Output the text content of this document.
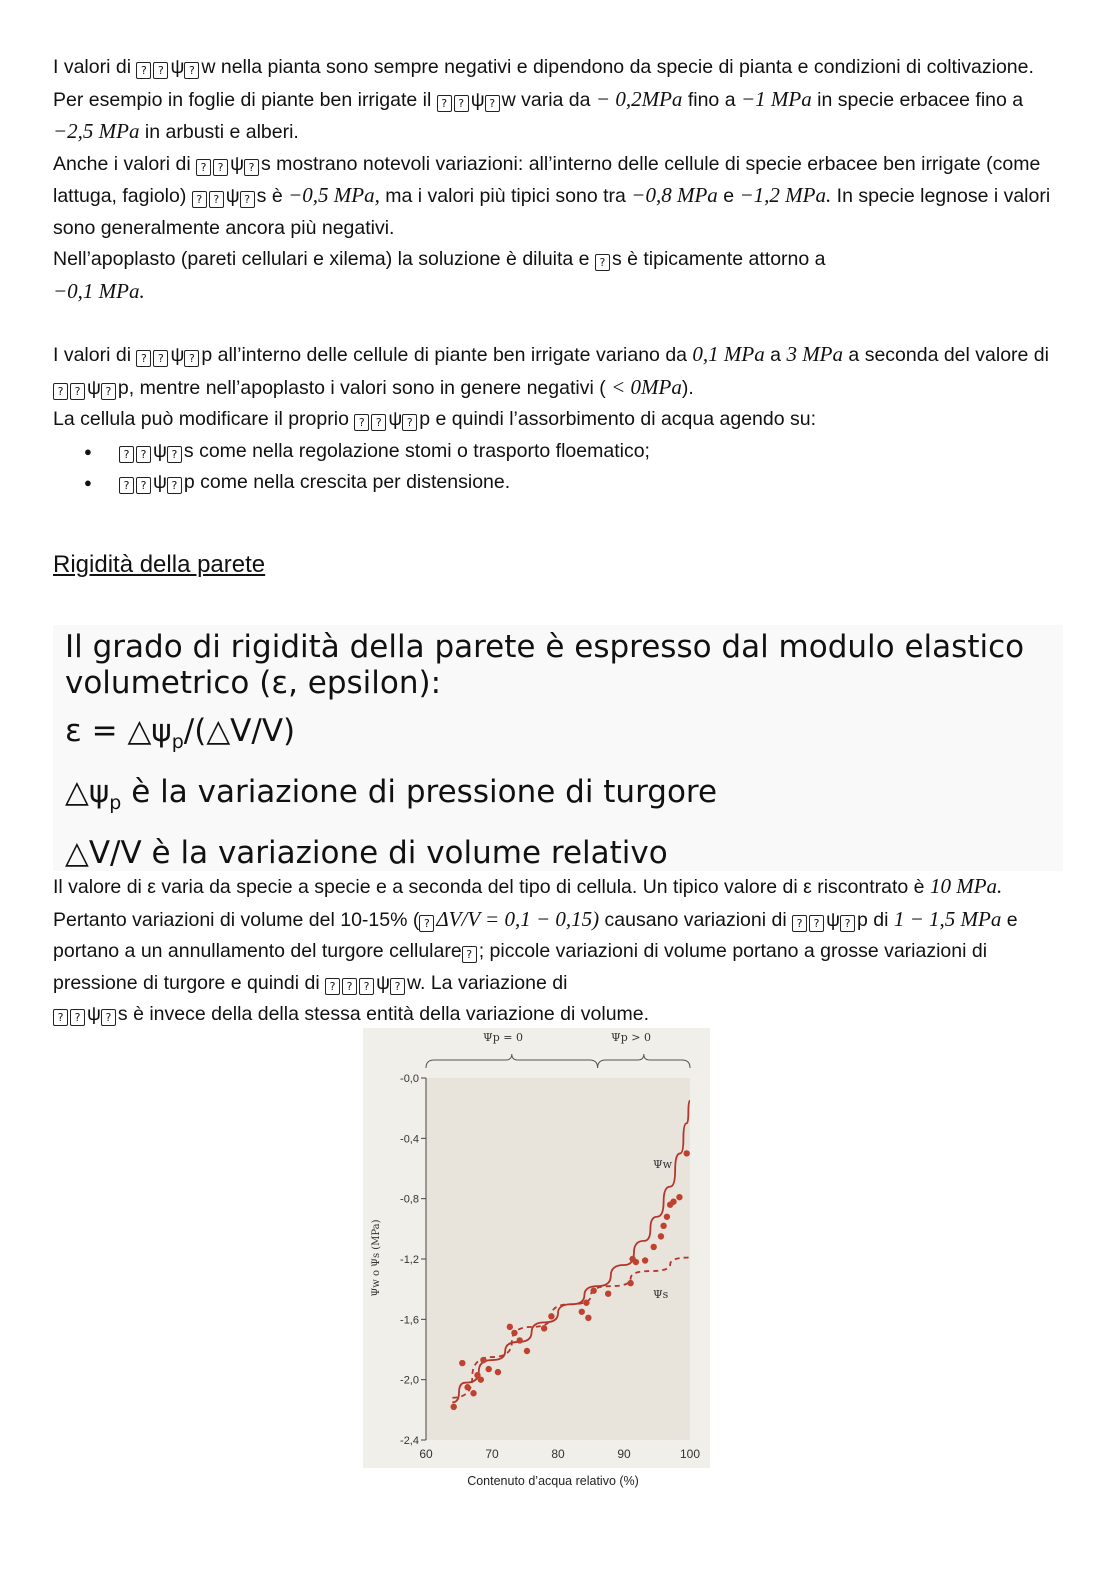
I valori di ? ? ψ ? w nella pianta sono sempre negativi e dipendono da specie di pianta e condizioni di coltivazione. Per esempio in foglie di piante ben irrigate il ? ? ψ ? w varia da − 0,2MPa fino a −1 MPa in specie erbacee fino a −2,5 MPa in arbusti e alberi.

Anche i valori di ? ? ψ ? s mostrano notevoli variazioni: all’interno delle cellule di specie erbacee ben irrigate (come lattuga, fagiolo) ? ? ψ ? s è −0,5 MPa, ma i valori più tipici sono tra −0,8 MPa e −1,2 MPa. In specie legnose i valori sono generalmente ancora più negativi.

Nell’apoplasto (pareti cellulari e xilema) la soluzione è diluita e ? s è tipicamente attorno a
−0,1 MPa.

I valori di ? ? ψ ? p all’interno delle cellule di piante ben irrigate variano da 0,1 MPa a 3 MPa a seconda del valore di ? ? ψ ? p, mentre nell’apoplasto i valori sono in genere negativi ( < 0MPa).

La cellula può modificare il proprio ? ? ψ ? p e quindi l’assorbimento di acqua agendo su:

● ? ? ψ ? s come nella regolazione stomi o trasporto floematico;
● ? ? ψ ? p come nella crescita per distensione.
Rigidità della parete
Il grado di rigidità della parete è espresso dal modulo elastico
volumetrico (ε, epsilon):
$\varepsilon = \triangle\psi_p/(\triangle V/V)$
$\triangle\psi_p$ è la variazione di pressione di turgore
△V/V è la variazione di volume relativo

Il valore di ε varia da specie a specie e a seconda del tipo di cellula. Un tipico valore di ε riscontrato è 10 MPa. Pertanto variazioni di volume del 10-15% ( ? ΔV/V = 0,1 − 0,15) causano variazioni di ? ? ψ ? p di 1 − 1,5 MPa e portano a un annullamento del turgore cellulare ? ; piccole variazioni di volume portano a grosse variazioni di pressione di turgore e quindi di ? ? ? ψ ? w. La variazione di
? ? ψ ? s è invece della della stessa entità della variazione di volume.

Ψp = 0	Ψp > 0
-0,0
-0,4
-0,8
-1,2
-1,6
-2,0
-2,4
60	70	80	90	100
Ψw o Ψs (MPa)
Ψw
Ψs
Contenuto d’acqua relativo (%)
